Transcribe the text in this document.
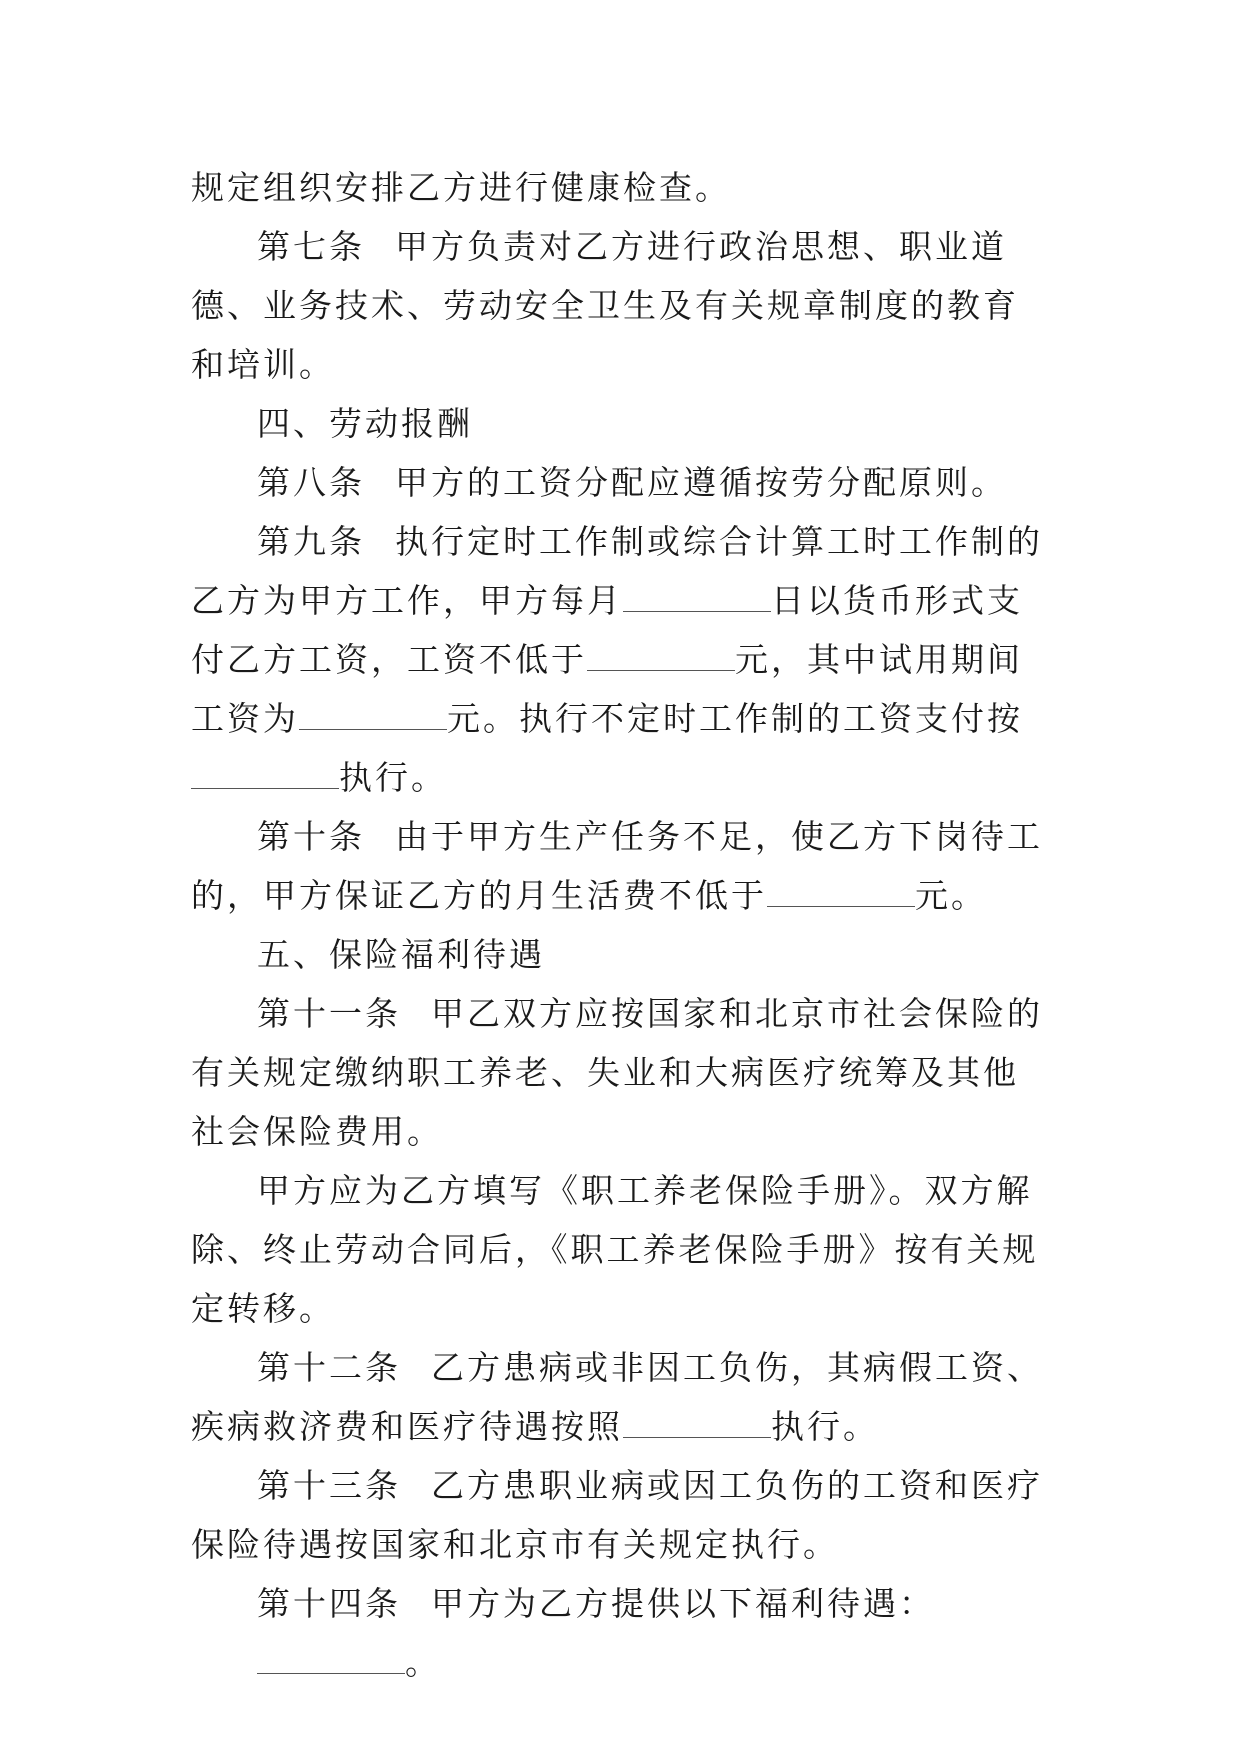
规定组织安排乙方进行健康检查。

第七条 甲方负责对乙方进行政治思想、职业道德、业务技术、劳动安全卫生及有关规章制度的教育和培训。

四、劳动报酬

第八条 甲方的工资分配应遵循按劳分配原则。

第九条 执行定时工作制或综合计算工时工作制的乙方为甲方工作，甲方每月	日以货币形式支付乙方工资，工资不低于	元，其中试用期间工资为	元。执行不定时工作制的工资支付按执行。

第十条 由于甲方生产任务不足，使乙方下岗待工的，甲方保证乙方的月生活费不低于	元。

五、保险福利待遇

第十一条 甲乙双方应按国家和北京市社会保险的有关规定缴纳职工养老、失业和大病医疗统筹及其他社会保险费用。

甲方应为乙方填写《职工养老保险手册》。双方解除、终止劳动合同后，《职工养老保险手册》按有关规定转移。

第十二条 乙方患病或非因工负伤，其病假工资、疾病救济费和医疗待遇按照	执行。

第十三条 乙方患职业病或因工负伤的工资和医疗保险待遇按国家和北京市有关规定执行。

第十四条 甲方为乙方提供以下福利待遇：

。
